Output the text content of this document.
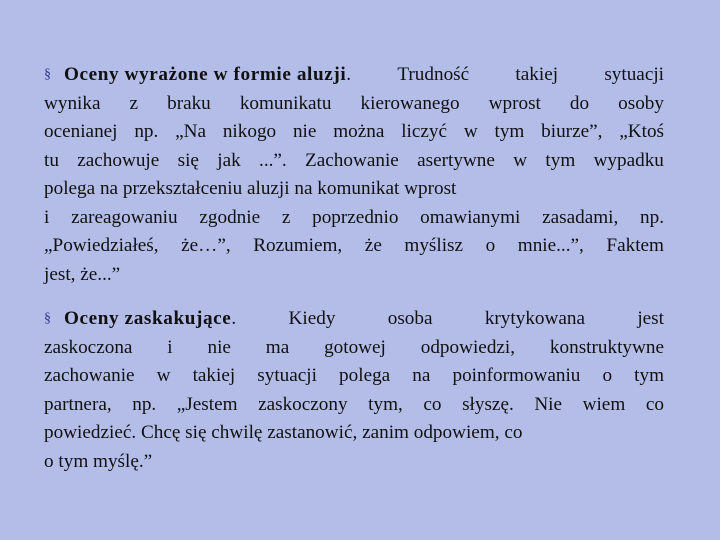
§ Oceny wyrażone w formie aluzji. Trudność takiej sytuacji
wynika z braku komunikatu kierowanego wprost do osoby
ocenianej np. „Na nikogo nie można liczyć w tym biurze”, „Ktoś
tu zachowuje się jak ...”. Zachowanie asertywne w tym wypadku
polega na przekształceniu aluzji na komunikat wprost
i zareagowaniu zgodnie z poprzednio omawianymi zasadami, np.
„Powiedziałeś, że…”, Rozumiem, że myślisz o mnie...”, Faktem
jest, że...”
§ Oceny zaskakujące.	Kiedy	osoba	krytykowana	jest
zaskoczona i nie ma gotowej odpowiedzi, konstruktywne
zachowanie w takiej sytuacji polega na poinformowaniu o tym
partnera, np. „Jestem zaskoczony tym, co słyszę. Nie wiem co
powiedzieć. Chcę się chwilę zastanowić, zanim odpowiem, co
o tym myślę.”
